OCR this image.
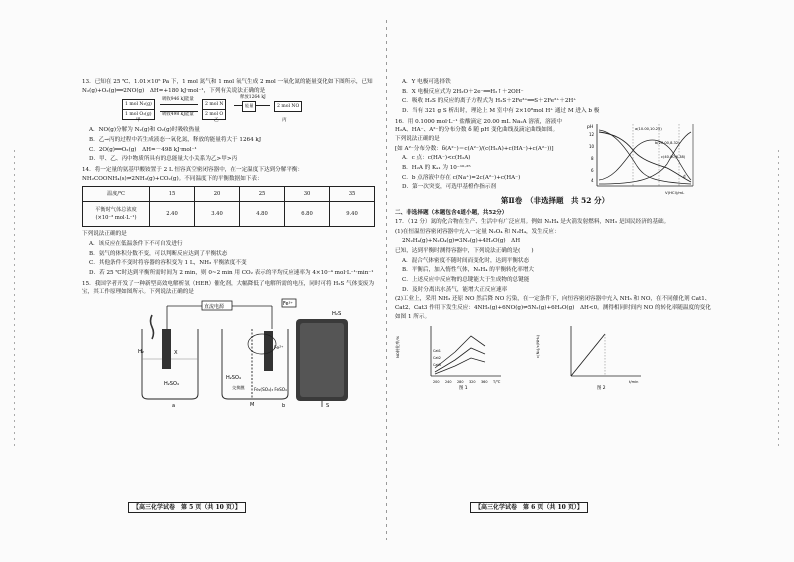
13．已知在 25 ℃、1.01×10⁵ Pa 下，1 mol 氮气和 1 mol 氧气生成 2 mol 一氧化氮的能量变化如下图所示，已知 N₂(g)+O₂(g)══2NO(g)　ΔH=+180 kJ·mol⁻¹，下列有关说法正确的是

1 mol N₂(g)
1 mol O₂(g)
吸收946 kJ能量
吸收498 kJ能量
2 mol N
2 mol O
释放1264 kJ
能量	2 mol NO
甲	乙	丙

A．NO(g)分解为 N₂(g)和 O₂(g)时吸收热量

B．乙→丙的过程中若生成液态一氧化氮，释放的能量将大于 1264 kJ

C．2O(g)══O₂(g)　ΔH=－498 kJ·mol⁻¹

D．甲、乙、丙中物质所具有的总能量大小关系为乙>甲>丙

14．将一定量的氨基甲酸铵置于 2 L 恒容真空密闭容器中，在一定温度下达到分解平衡：NH₂COONH₄(s)⇌2NH₃(g)+CO₂(g)。不同温度下的平衡数据如下表：

温度/℃	15	20	25	30	35
平衡时气体总浓度(×10⁻³ mol·L⁻¹)	2.40	3.40	4.80	6.80	9.40

下列说法正确的是

A．该反应在低温条件下不可自发进行

B．氨气的体积分数不变，可以判断反应达到了平衡状态

C．其他条件不变时将容器的容积变为 1 L，NH₃ 平衡浓度不变

D．若 25 ℃时达到平衡所需时间为 2 min，则 0~2 min 用 CO₂ 表示的平均反应速率为 4×10⁻⁴ mol·L⁻¹·min⁻¹

15．我国学者开发了一种新型高效电解析氢（HER）催化剂，大幅降低了电解所需的电压，同时可将 H₂S 气体变废为宝，其工作原理如图所示。下列说法正确的是

直流电源	Fe³⁺
H₂	X
H₂SO₄
Fe²⁺
H₂SO₄
交换膜 Fe₂(SO₄)₃ FeSO₄
M
H₂S
S
a	b
【高三化学试卷　第 5 页（共 10 页）】

A．Y 电极可选择铁

B．X 电极反应式为 2H₂O＋2e⁻══H₂↑＋2OH⁻

C．吸收 H₂S 的反应的离子方程式为 H₂S＋2Fe³⁺══S＋2Fe²⁺＋2H⁺

D．当有 321 g S 析出时，理论上 M 室中有 2×10⁸mol H⁺ 通过 M 进入 b 极

16．用 0.1000 mol·L⁻¹ 盐酸滴定 20.00 mL Na₂A 溶液，溶液中 H₂A、HA⁻、A²⁻的分布分数 δ 随 pH 变化曲线及滴定曲线如图。下列说法正确的是

[如 A²⁻分布分数：δ(A²⁻)＝c(A²⁻)/(c(H₂A)+c(HA⁻)+c(A²⁻))]

A．c 点：c(HA⁻)<c(H₂A)

B．H₂A 的 Kₐ₁ 为 10⁻¹⁰·²⁵

C．b 点溶液中存在 c(Na⁺)=2c(A²⁻)+c(HA⁻)

D．第一次突变，可选甲基橙作指示剂

pH
12
10
8
6
4
a(10.00,10.25)
b(20.00,8.32)
c(40.00,6.38)
d
V(HCl)/mL

第Ⅱ卷　（非选择题　共 52 分）

二、非选择题（本题包含4道小题，共52分）

17．（12 分）氮的化合物在生产、生活中有广泛应用。例如 N₂H₄ 是火箭发射燃料，NH₃ 是国民经济的基础。

(1)在恒温恒容密闭容器中充入一定量 N₂O₄ 和 N₂H₄，发生反应：

2N₂H₄(g)+N₂O₄(g)⇌3N₂(g)+4H₂O(g)　ΔH

已知，达到平衡时测得容器中，下列说法正确的是(　　)

A．混合气体密度不随时间而变化时，达到平衡状态

B．平衡后，加入惰性气体，N₂H₄ 的平衡转化率增大

C．上述反应中反应物的总键能大于生成物的总键能

D．及时分离出水蒸气，能增大正反应速率

(2)工业上，采用 NH₃ 还原 NO 然后降 NO 污染，在一定条件下，向恒容密闭容器中充入 NH₃ 和 NO，在不同催化剂 Cat1、Cat2、Cat3 作用下发生反应：4NH₃(g)+6NO(g)⇌5N₂(g)+6H₂O(g)　ΔH<0。测得相同时间内 NO 的转化率随温度的变化如图 1 所示。

NO转化率/%
200 240 280 320 360 T/℃
Cat1
Cat2
Cat3
图 1
c(N₂)/c(NH₃)
t/min
图 2
【高三化学试卷　第 6 页（共 10 页）】
